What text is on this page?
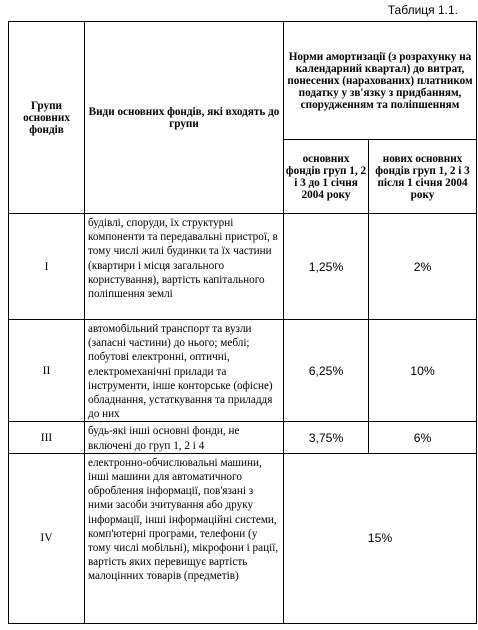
Таблиця 1.1.
Групи основних фондів	Види основних фондів, які входять до групи	Норми амортизації (з розрахунку на календарний квартал) до витрат, понесених (нарахованих) платником податку у зв'язку з придбанням, спорудженням та поліпшенням	
		основних фондів груп 1, 2 і 3 до 1 січня 2004 року	нових основних фондів груп 1, 2 і 3 після 1 січня 2004 року
I	будівлі, споруди, їх структурні компоненти та передавальні пристрої, в тому числі жилі будинки та їх частини (квартири і місця загального користування), вартість капітального поліпшення землі	1,25%	2%
II	автомобільний транспорт та вузли (запасні частини) до нього; меблі; побутові електронні, оптичні, електромеханічні прилади та інструменти, інше конторське (офісне) обладнання, устаткування та приладдя до них	6,25%	10%
III	будь-які інші основні фонди, не включені до груп 1, 2 і 4	3,75%	6%
IV	електронно-обчислювальні машини, інші машини для автоматичного оброблення інформації, пов'язані з ними засоби зчитування або друку інформації, інші інформаційні системи, комп'ютерні програми, телефони (у тому числі мобільні), мікрофони і рації, вартість яких перевищує вартість малоцінних товарів (предметів)	15%	
